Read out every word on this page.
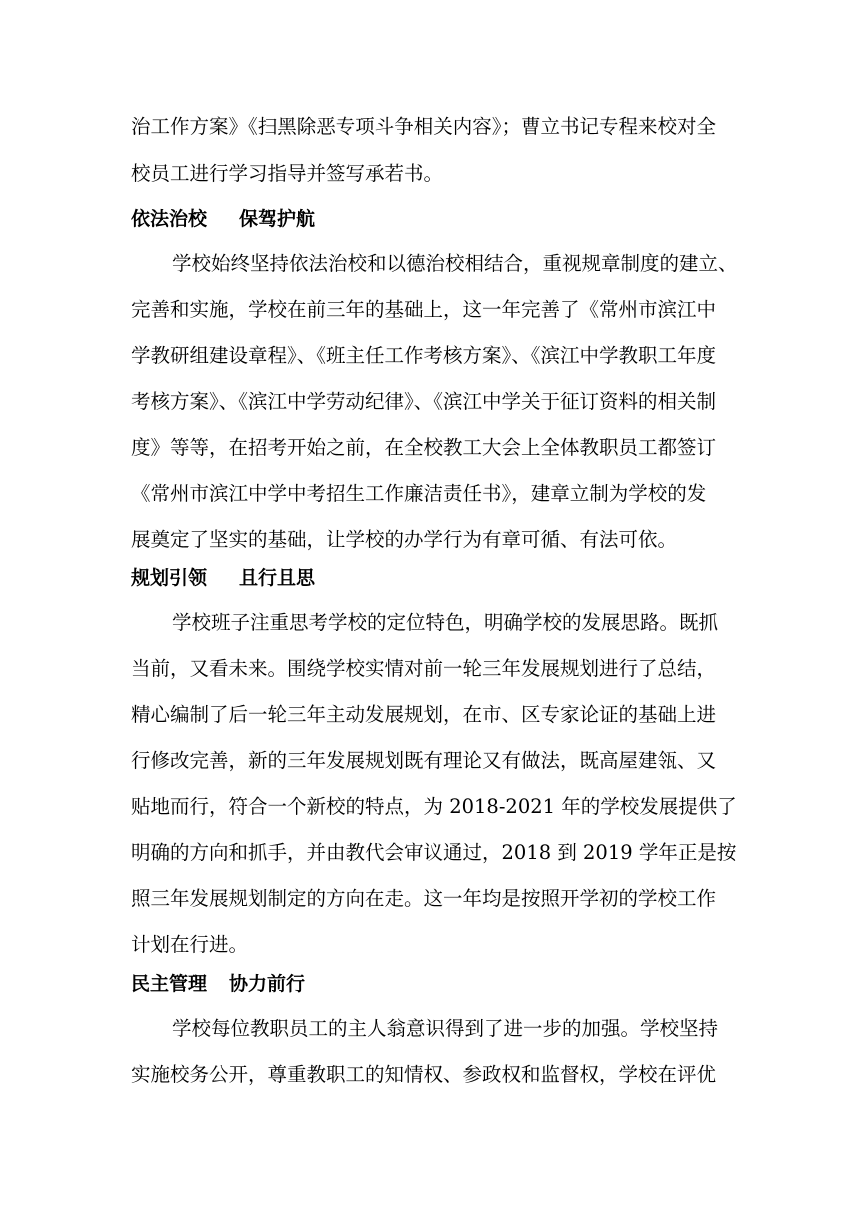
治工作方案》《扫黑除恶专项斗争相关内容》；曹立书记专程来校对全
校员工进行学习指导并签写承若书。
依法治校 保驾护航
学校始终坚持依法治校和以德治校相结合，重视规章制度的建立、
完善和实施，学校在前三年的基础上，这一年完善了《常州市滨江中
学教研组建设章程》、《班主任工作考核方案》、《滨江中学教职工年度
考核方案》、《滨江中学劳动纪律》、《滨江中学关于征订资料的相关制
度》等等，在招考开始之前，在全校教工大会上全体教职员工都签订
《常州市滨江中学中考招生工作廉洁责任书》，建章立制为学校的发
展奠定了坚实的基础，让学校的办学行为有章可循、有法可依。
规划引领 且行且思
学校班子注重思考学校的定位特色，明确学校的发展思路。既抓
当前，又看未来。围绕学校实情对前一轮三年发展规划进行了总结，
精心编制了后一轮三年主动发展规划，在市、区专家论证的基础上进
行修改完善，新的三年发展规划既有理论又有做法，既高屋建瓴、又
贴地而行，符合一个新校的特点，为 2018-2021 年的学校发展提供了
明确的方向和抓手，并由教代会审议通过，2018 到 2019 学年正是按
照三年发展规划制定的方向在走。这一年均是按照开学初的学校工作
计划在行进。
民主管理 协力前行
学校每位教职员工的主人翁意识得到了进一步的加强。学校坚持
实施校务公开，尊重教职工的知情权、参政权和监督权，学校在评优
